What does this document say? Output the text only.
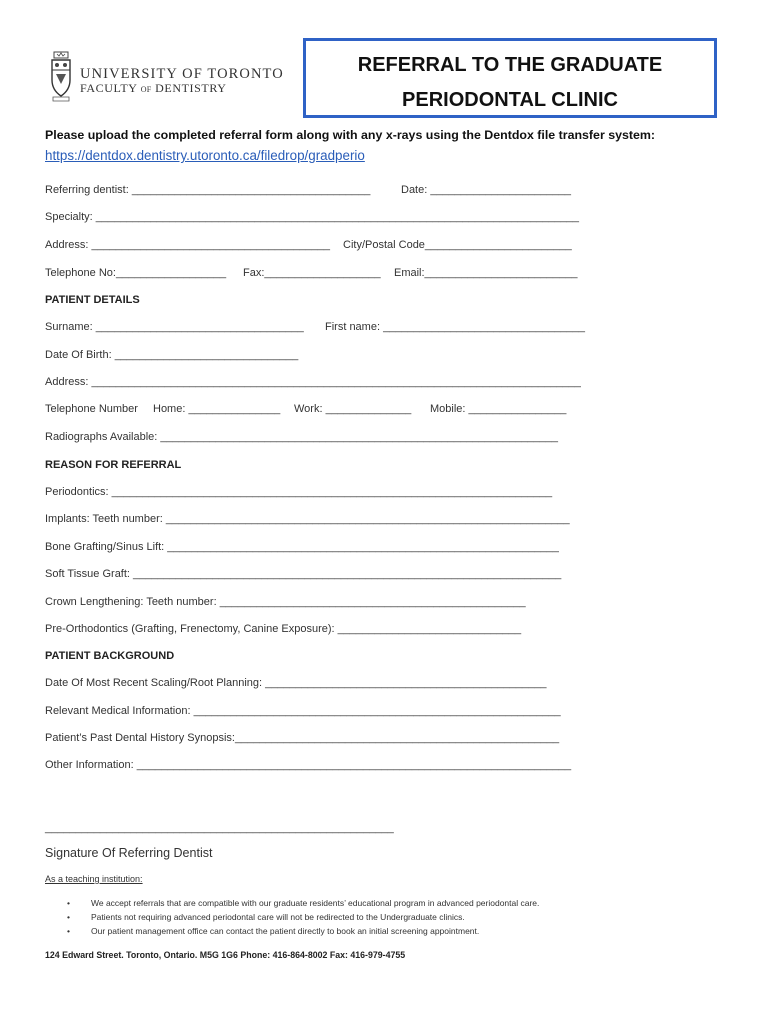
UNIVERSITY OF TORONTO
FACULTY OF DENTISTRY
REFERRAL TO THE GRADUATE
PERIODONTAL CLINIC
Please upload the completed referral form along with any x-rays using the Dentdox file transfer system:
https://dentdox.dentistry.utoronto.ca/filedrop/gradperio
Referring dentist: _______________________________________	Date: _______________________
Specialty: _______________________________________________________________________________
Address: _______________________________________ City/Postal Code________________________
Telephone No:__________________ Fax:___________________ Email:_________________________
PATIENT DETAILS
Surname: __________________________________ First name: _________________________________
Date Of Birth: ______________________________
Address: ________________________________________________________________________________
Telephone Number Home: _______________ Work: ______________ Mobile: ________________
Radiographs Available: _________________________________________________________________
REASON FOR REFERRAL
Periodontics: ________________________________________________________________________
Implants: Teeth number: __________________________________________________________________
Bone Grafting/Sinus Lift: ________________________________________________________________
Soft Tissue Graft: ______________________________________________________________________
Crown Lengthening: Teeth number: __________________________________________________
Pre-Orthodontics (Grafting, Frenectomy, Canine Exposure): ______________________________
PATIENT BACKGROUND
Date Of Most Recent Scaling/Root Planning: ______________________________________________
Relevant Medical Information: ____________________________________________________________
Patient’s Past Dental History Synopsis:_____________________________________________________
Other Information: _______________________________________________________________________
_________________________________________________________
Signature Of Referring Dentist
As a teaching institution:
• We accept referrals that are compatible with our graduate residents’ educational program in advanced periodontal care.
• Patients not requiring advanced periodontal care will not be redirected to the Undergraduate clinics.
• Our patient management office can contact the patient directly to book an initial screening appointment.
124 Edward Street. Toronto, Ontario. M5G 1G6 Phone: 416-864-8002 Fax: 416-979-4755
